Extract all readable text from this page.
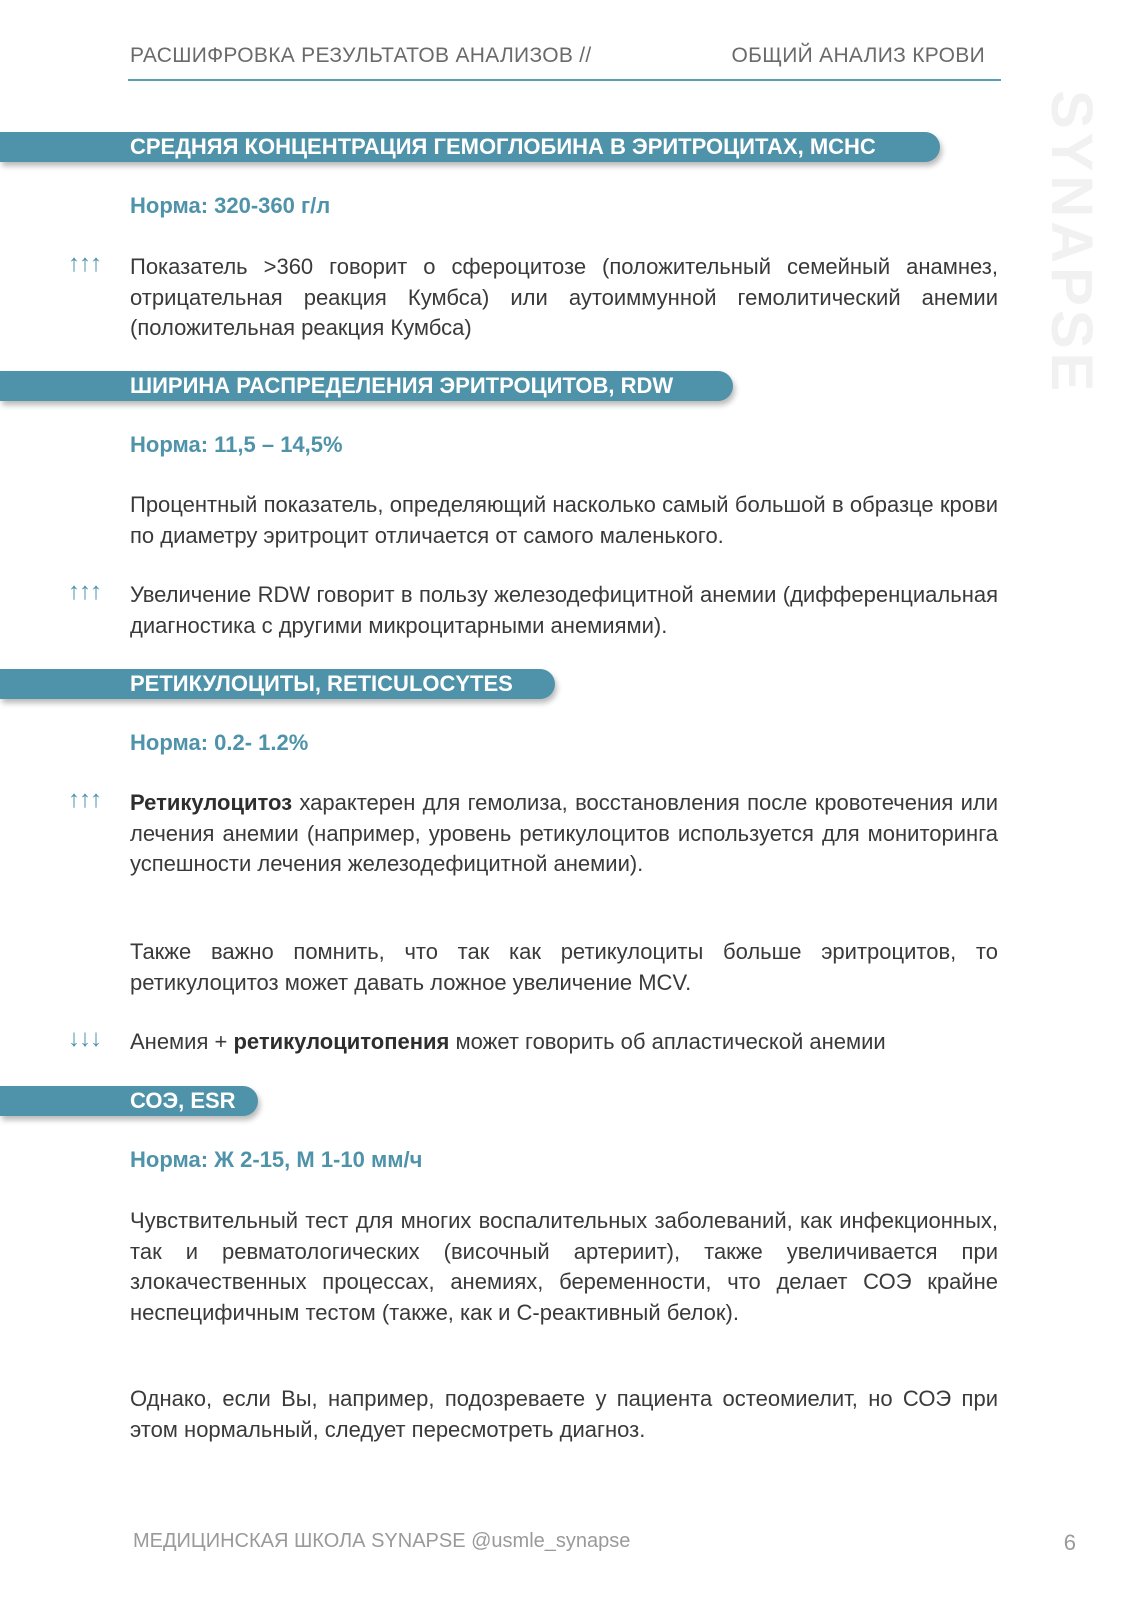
РАСШИФРОВКА РЕЗУЛЬТАТОВ АНАЛИЗОВ //	ОБЩИЙ АНАЛИЗ КРОВИ
SYNAPSE
СРЕДНЯЯ КОНЦЕНТРАЦИЯ ГЕМОГЛОБИНА В ЭРИТРОЦИТАХ, MCHC
Норма: 320-360 г/л
↑↑↑ Показатель >360 говорит о сфероцитозе (положительный семейный анамнез, отрицательная реакция Кумбса) или аутоиммунной гемолитический анемии (положительная реакция Кумбса)
ШИРИНА РАСПРЕДЕЛЕНИЯ ЭРИТРОЦИТОВ, RDW
Норма: 11,5 – 14,5%
Процентный показатель, определяющий насколько самый большой в образце крови по диаметру эритроцит отличается от самого маленького.
↑↑↑ Увеличение RDW говорит в пользу железодефицитной анемии (дифференциальная диагностика с другими микроцитарными анемиями).
РЕТИКУЛОЦИТЫ, RETICULOCYTES
Норма: 0.2- 1.2%
↑↑↑ Ретикулоцитоз характерен для гемолиза, восстановления после кровотечения или лечения анемии (например, уровень ретикулоцитов используется для мониторинга успешности лечения железодефицитной анемии).
Также важно помнить, что так как ретикулоциты больше эритроцитов, то ретикулоцитоз может давать ложное увеличение MCV.
↓↓↓ Анемия + ретикулоцитопения может говорить об апластической анемии
СОЭ, ESR
Норма: Ж 2-15, М 1-10 мм/ч
Чувствительный тест для многих воспалительных заболеваний, как инфекционных, так и ревматологических (височный артериит), также увеличивается при злокачественных процессах, анемиях, беременности, что делает СОЭ крайне неспецифичным тестом (также, как и С-реактивный белок).
Однако, если Вы, например, подозреваете у пациента остеомиелит, но СОЭ при этом нормальный, следует пересмотреть диагноз.
МЕДИЦИНСКАЯ ШКОЛА SYNAPSE @usmle_synapse	6
